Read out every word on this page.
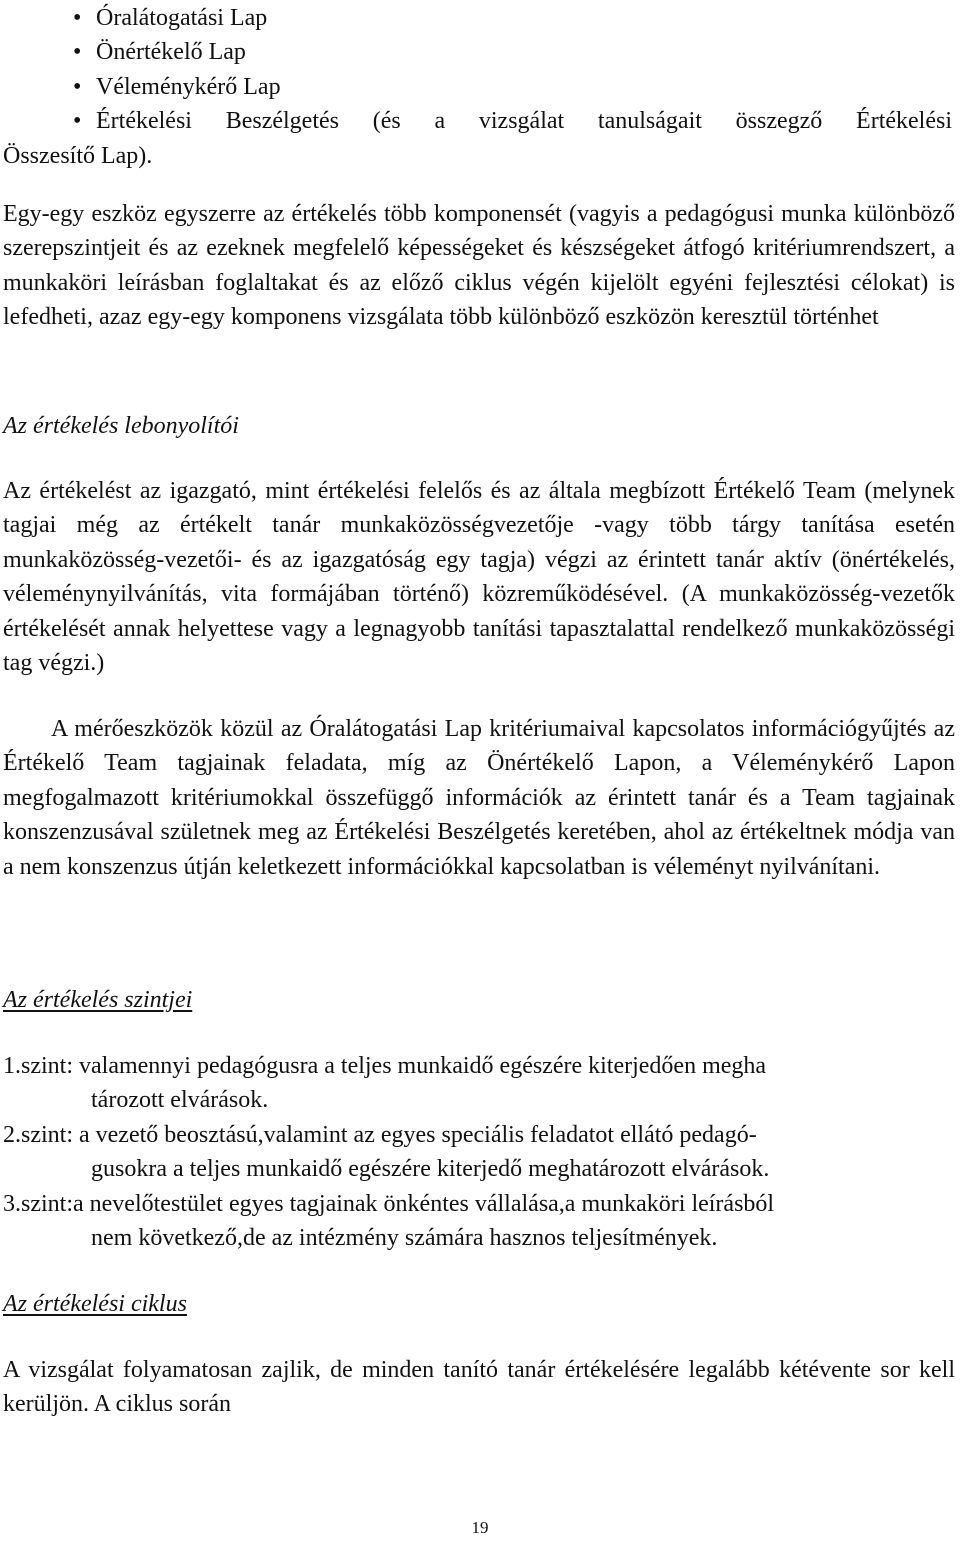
• Óralátogatási Lap
• Önértékelő Lap
• Véleménykérő Lap
• Értékelési Beszélgetés (és a vizsgálat tanulságait összegző Értékelési
Összesítő Lap).

Egy-egy eszköz egyszerre az értékelés több komponensét (vagyis a pedagógusi munka különböző szerepszintjeit és az ezeknek megfelelő képességeket és készségeket átfogó kritériumrendszert, a munkaköri leírásban foglaltakat és az előző ciklus végén kijelölt egyéni fejlesztési célokat) is lefedheti, azaz egy-egy komponens vizsgálata több különböző eszközön keresztül történhet

Az értékelés lebonyolítói

Az értékelést az igazgató, mint értékelési felelős és az általa megbízott Értékelő Team (melynek tagjai még az értékelt tanár munkaközösségvezetője -vagy több tárgy tanítása esetén munkaközösség-vezetői- és az igazgatóság egy tagja) végzi az érintett tanár aktív (önértékelés, véleménynyilvánítás, vita formájában történő) közreműködésével. (A munkaközösség-vezetők értékelését annak helyettese vagy a legnagyobb tanítási tapasztalattal rendelkező munkaközösségi tag végzi.)

A mérőeszközök közül az Óralátogatási Lap kritériumaival kapcsolatos információgyűjtés az Értékelő Team tagjainak feladata, míg az Önértékelő Lapon, a Véleménykérő Lapon megfogalmazott kritériumokkal összefüggő információk az érintett tanár és a Team tagjainak konszenzusával születnek meg az Értékelési Beszélgetés keretében, ahol az értékeltnek módja van a nem konszenzus útján keletkezett információkkal kapcsolatban is véleményt nyilvánítani.

Az értékelés szintjei
1.szint: valamennyi pedagógusra a teljes munkaidő egészére kiterjedően megha
tározott elvárások.
2.szint: a vezető beosztású,valamint az egyes speciális feladatot ellátó pedagó-
gusokra a teljes munkaidő egészére kiterjedő meghatározott elvárások.
3.szint:a nevelőtestület egyes tagjainak önkéntes vállalása,a munkaköri leírásból
nem következő,de az intézmény számára hasznos teljesítmények.
Az értékelési ciklus

A vizsgálat folyamatosan zajlik, de minden tanító tanár értékelésére legalább kétévente sor kell kerüljön. A ciklus során

19
